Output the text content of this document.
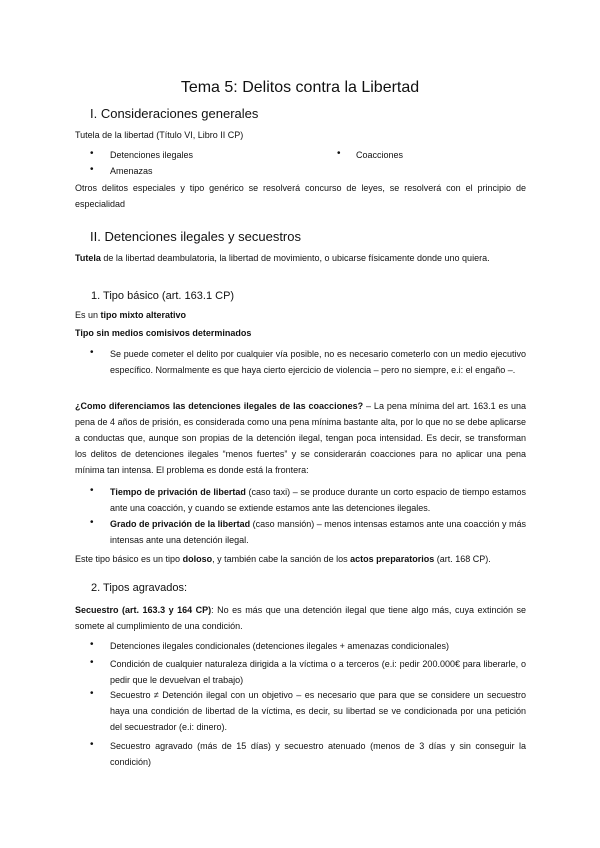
Tema 5: Delitos contra la Libertad
I. Consideraciones generales
Tutela de la libertad (Título VI, Libro II CP)
• Detenciones ilegales	• Coacciones
• Amenazas
Otros delitos especiales y tipo genérico se resolverá concurso de leyes, se resolverá con el principio de especialidad
II. Detenciones ilegales y secuestros
Tutela de la libertad deambulatoria, la libertad de movimiento, o ubicarse físicamente donde uno quiera.
1. Tipo básico (art. 163.1 CP)
Es un tipo mixto alterativo
Tipo sin medios comisivos determinados
• Se puede cometer el delito por cualquier vía posible, no es necesario cometerlo con un medio ejecutivo específico. Normalmente es que haya cierto ejercicio de violencia – pero no siempre, e.i: el engaño –.
¿Como diferenciamos las detenciones ilegales de las coacciones? – La pena mínima del art. 163.1 es una pena de 4 años de prisión, es considerada como una pena mínima bastante alta, por lo que no se debe aplicarse a conductas que, aunque son propias de la detención ilegal, tengan poca intensidad. Es decir, se transforman los delitos de detenciones ilegales “menos fuertes” y se considerarán coacciones para no aplicar una pena mínima tan intensa. El problema es donde está la frontera:
• Tiempo de privación de libertad (caso taxi) – se produce durante un corto espacio de tiempo estamos ante una coacción, y cuando se extiende estamos ante las detenciones ilegales.
• Grado de privación de la libertad (caso mansión) – menos intensas estamos ante una coacción y más intensas ante una detención ilegal.
Este tipo básico es un tipo doloso, y también cabe la sanción de los actos preparatorios (art. 168 CP).
2. Tipos agravados:
Secuestro (art. 163.3 y 164 CP): No es más que una detención ilegal que tiene algo más, cuya extinción se somete al cumplimiento de una condición.
• Detenciones ilegales condicionales (detenciones ilegales + amenazas condicionales)
• Condición de cualquier naturaleza dirigida a la víctima o a terceros (e.i: pedir 200.000€ para liberarle, o pedir que le devuelvan el trabajo)
• Secuestro ≠ Detención ilegal con un objetivo – es necesario que para que se considere un secuestro haya una condición de libertad de la víctima, es decir, su libertad se ve condicionada por una petición del secuestrador (e.i: dinero).
• Secuestro agravado (más de 15 días) y secuestro atenuado (menos de 3 días y sin conseguir la condición)
